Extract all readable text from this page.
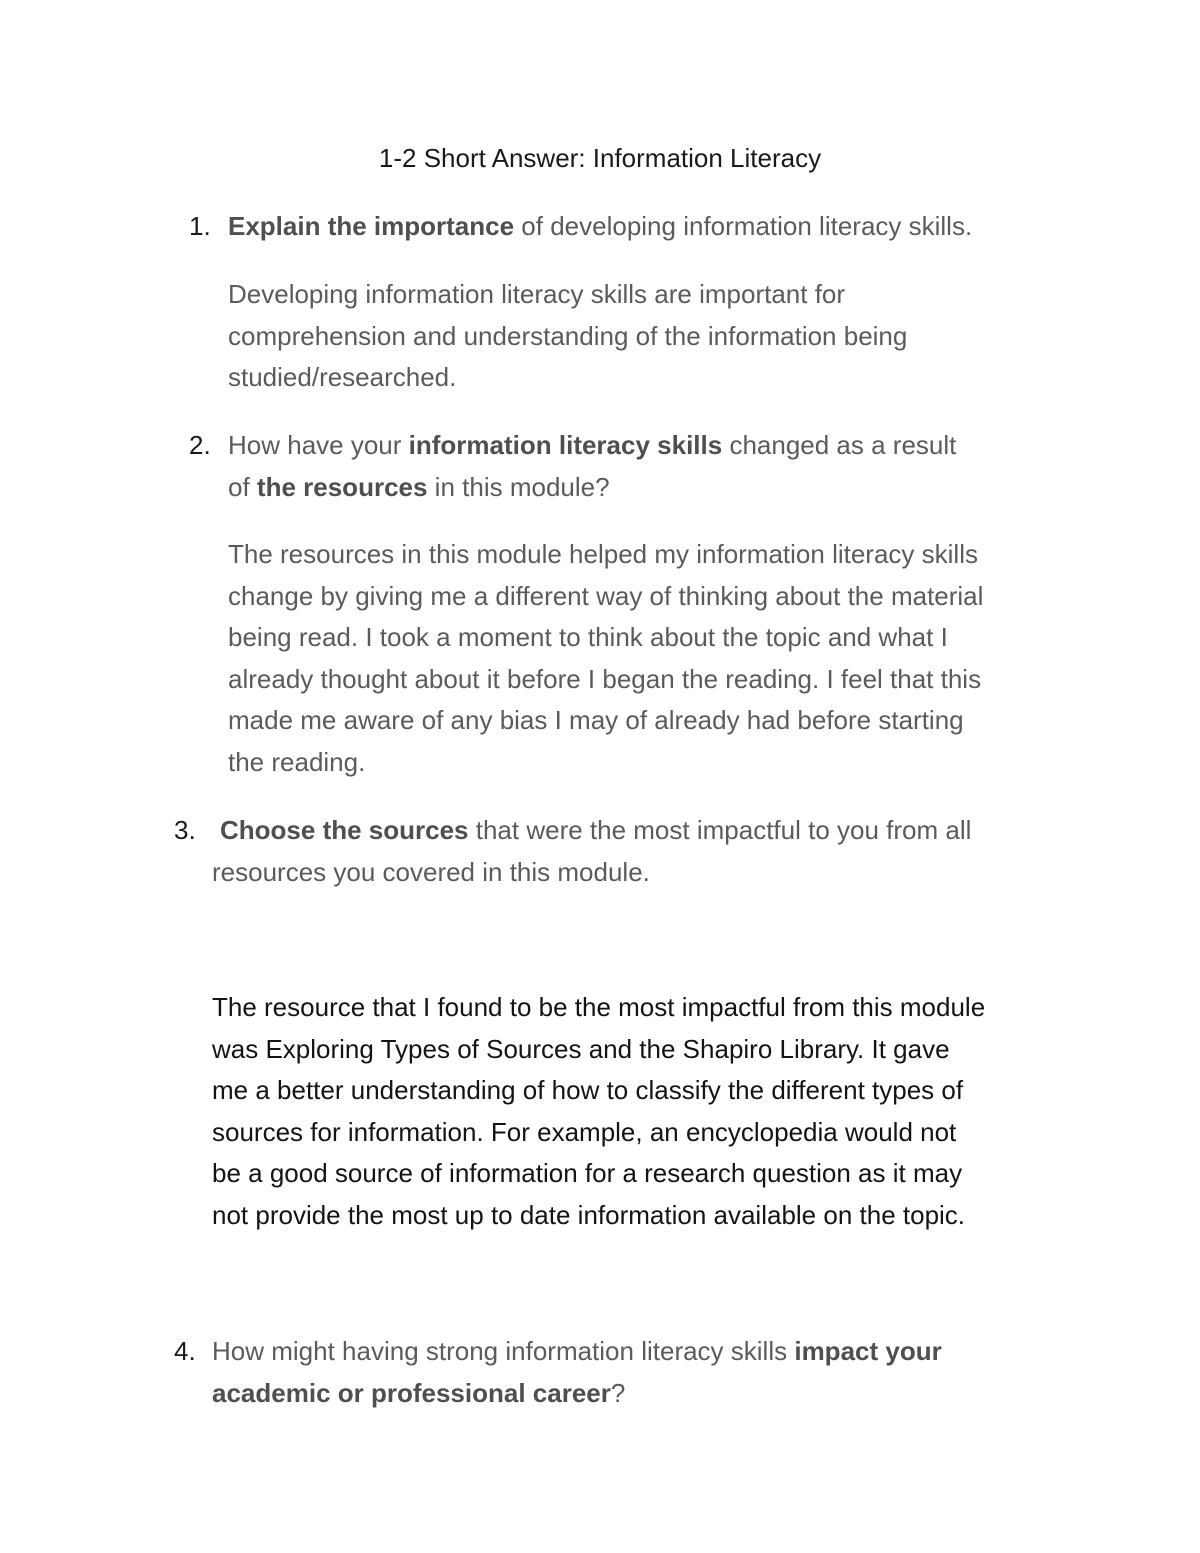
1-2 Short Answer: Information Literacy
1. Explain the importance of developing information literacy skills.
Developing information literacy skills are important for
comprehension and understanding of the information being
studied/researched.
2. How have your information literacy skills changed as a result
of the resources in this module?
The resources in this module helped my information literacy skills
change by giving me a different way of thinking about the material
being read. I took a moment to think about the topic and what I
already thought about it before I began the reading. I feel that this
made me aware of any bias I may of already had before starting
the reading.
3. Choose the sources that were the most impactful to you from all
resources you covered in this module.
The resource that I found to be the most impactful from this module
was Exploring Types of Sources and the Shapiro Library. It gave
me a better understanding of how to classify the different types of
sources for information. For example, an encyclopedia would not
be a good source of information for a research question as it may
not provide the most up to date information available on the topic.
4. How might having strong information literacy skills impact your
academic or professional career?
